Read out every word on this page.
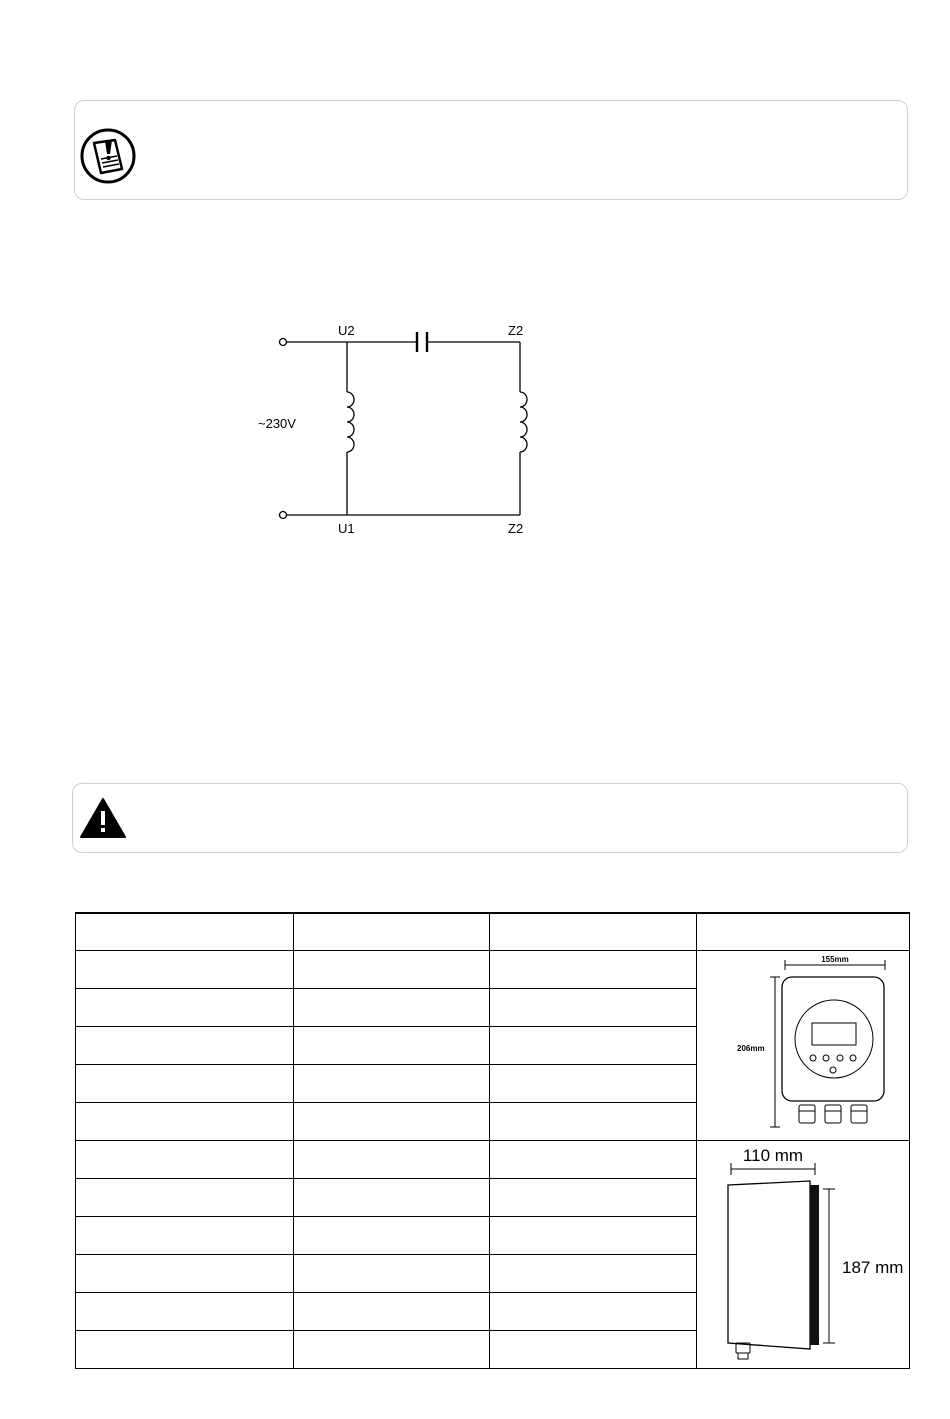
U2	Z2
~230V
U1	Z2

155mm
206mm

110 mm
187 mm
